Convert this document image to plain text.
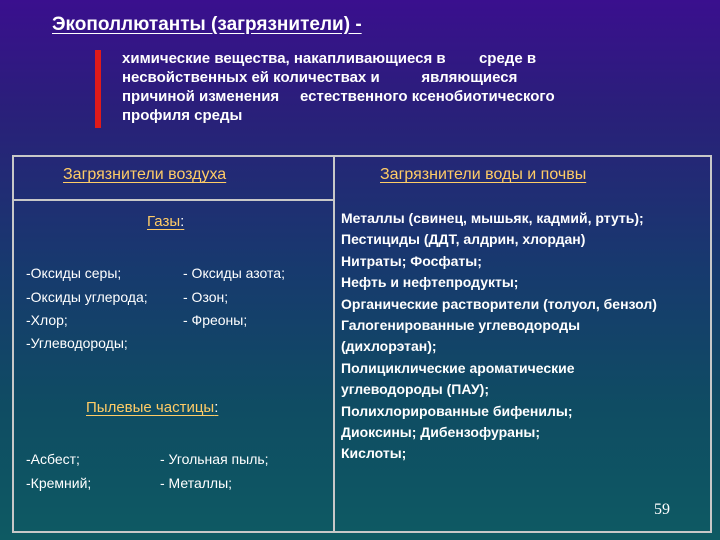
Экополлютанты (загрязнители) -
химические вещества, накапливающиеся в        среде в
несвойственных ей количествах и          являющиеся
причиной изменения     естественного ксенобиотического
профиля среды
Загрязнители воздуха	Загрязнители воды и почвы
Газы:
-Оксиды серы;
-Оксиды углерода;
-Хлор;
-Углеводороды;
- Оксиды азота;
- Озон;
- Фреоны;
Пылевые частицы:
-Асбест;
-Кремний;
- Угольная пыль;
- Металлы;
Металлы (свинец, мышьяк, кадмий, ртуть);
Пестициды (ДДТ, алдрин, хлордан)
Нитраты; Фосфаты;
Нефть и нефтепродукты;
Органические растворители (толуол, бензол)
Галогенированные углеводороды
(дихлорэтан);
Полициклические ароматические
углеводороды (ПАУ);
Полихлорированные бифенилы;
Диоксины; Дибензофураны;
Кислоты;
59
